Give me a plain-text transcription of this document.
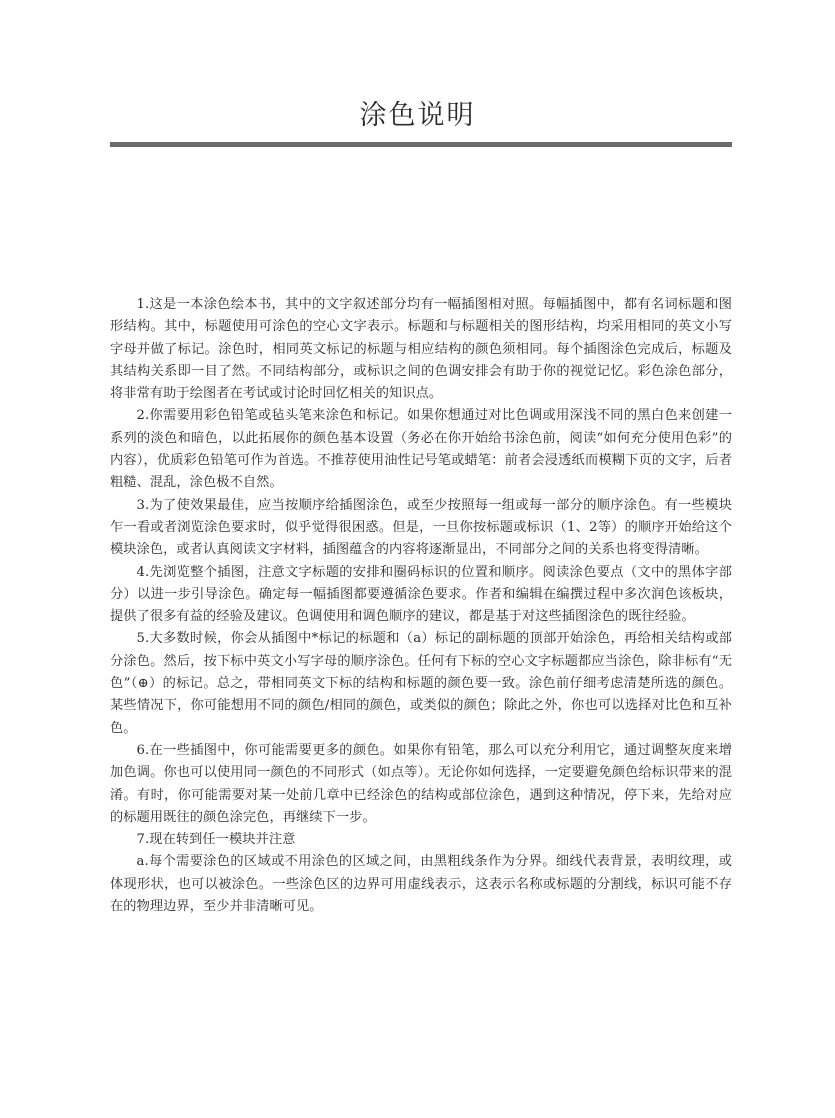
涂色说明

1.这是一本涂色绘本书，其中的文字叙述部分均有一幅插图相对照。每幅插图中，都有名词标题和图形结构。其中，标题使用可涂色的空心文字表示。标题和与标题相关的图形结构，均采用相同的英文小写字母并做了标记。涂色时，相同英文标记的标题与相应结构的颜色须相同。每个插图涂色完成后，标题及其结构关系即一目了然。不同结构部分，或标识之间的色调安排会有助于你的视觉记忆。彩色涂色部分，将非常有助于绘图者在考试或讨论时回忆相关的知识点。

2.你需要用彩色铅笔或毡头笔来涂色和标记。如果你想通过对比色调或用深浅不同的黑白色来创建一系列的淡色和暗色，以此拓展你的颜色基本设置（务必在你开始给书涂色前，阅读“如何充分使用色彩”的内容），优质彩色铅笔可作为首选。不推荐使用油性记号笔或蜡笔：前者会浸透纸而模糊下页的文字，后者粗糙、混乱，涂色极不自然。

3.为了使效果最佳，应当按顺序给插图涂色，或至少按照每一组或每一部分的顺序涂色。有一些模块乍一看或者浏览涂色要求时，似乎觉得很困惑。但是，一旦你按标题或标识（1、2等）的顺序开始给这个模块涂色，或者认真阅读文字材料，插图蕴含的内容将逐渐显出，不同部分之间的关系也将变得清晰。

4.先浏览整个插图，注意文字标题的安排和圈码标识的位置和顺序。阅读涂色要点（文中的黑体字部分）以进一步引导涂色。确定每一幅插图都要遵循涂色要求。作者和编辑在编撰过程中多次润色该板块，提供了很多有益的经验及建议。色调使用和调色顺序的建议，都是基于对这些插图涂色的既往经验。

5.大多数时候，你会从插图中*标记的标题和（a）标记的副标题的顶部开始涂色，再给相关结构或部分涂色。然后，按下标中英文小写字母的顺序涂色。任何有下标的空心文字标题都应当涂色，除非标有“无色”（⊕）的标记。总之，带相同英文下标的结构和标题的颜色要一致。涂色前仔细考虑清楚所选的颜色。某些情况下，你可能想用不同的颜色/相同的颜色，或类似的颜色；除此之外，你也可以选择对比色和互补色。

6.在一些插图中，你可能需要更多的颜色。如果你有铅笔，那么可以充分利用它，通过调整灰度来增加色调。你也可以使用同一颜色的不同形式（如点等）。无论你如何选择，一定要避免颜色给标识带来的混淆。有时，你可能需要对某一处前几章中已经涂色的结构或部位涂色，遇到这种情况，停下来，先给对应的标题用既往的颜色涂完色，再继续下一步。

7.现在转到任一模块并注意

a.每个需要涂色的区域或不用涂色的区域之间，由黑粗线条作为分界。细线代表背景，表明纹理，或体现形状，也可以被涂色。一些涂色区的边界可用虚线表示，这表示名称或标题的分割线，标识可能不存在的物理边界，至少并非清晰可见。
